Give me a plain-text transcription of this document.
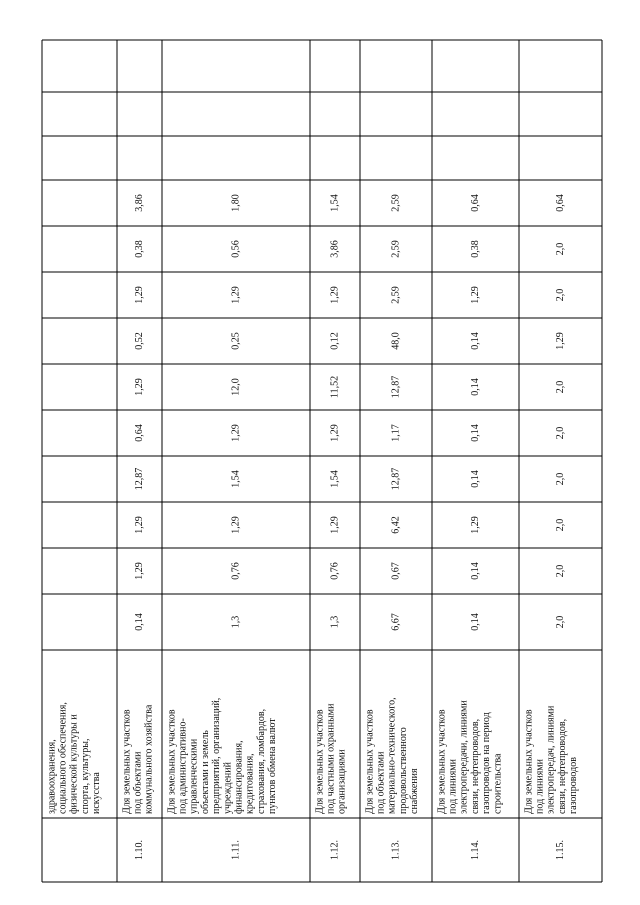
здравоохранения, социального обеспечения, физической культуры и спорта, культуры, искусства
1.10.
Для земельных участков под объектами коммунального хозяйства
0,14
1,29
1,29
12,87
0,64
1,29
0,52
1,29
0,38
3,86
1.11.
Для земельных участков под административно- управленческими объектами и земель предприятий, организаций, учреждений финансирования, кредитования, страхования, ломбардов, пунктов обмена валют
1,3
0,76
1,29
1,54
1,29
12,0
0,25
1,29
0,56
1,80
1.12.
Для земельных участков под частными охранными организациями
1,3
0,76
1,29
1,54
1,29
11,52
0,12
1,29
3,86
1,54
1.13.
Для земельных участков под объектами материально-технического, продовольственного снабжения
6,67
0,67
6,42
12,87
1,17
12,87
48,0
2,59
2,59
2,59
1.14.
Для земельных участков под линиями электропередачи, линиями связи, нефтепроводов, газопроводов на период строительства
0,14
0,14
1,29
0,14
0,14
0,14
0,14
1,29
0,38
0,64
1.15.
Для земельных участков под линиями электропередач, линиями связи, нефтепроводов, газопроводов
2,0
2,0
2,0
2,0
2,0
2,0
1,29
2,0
2,0
0,64
